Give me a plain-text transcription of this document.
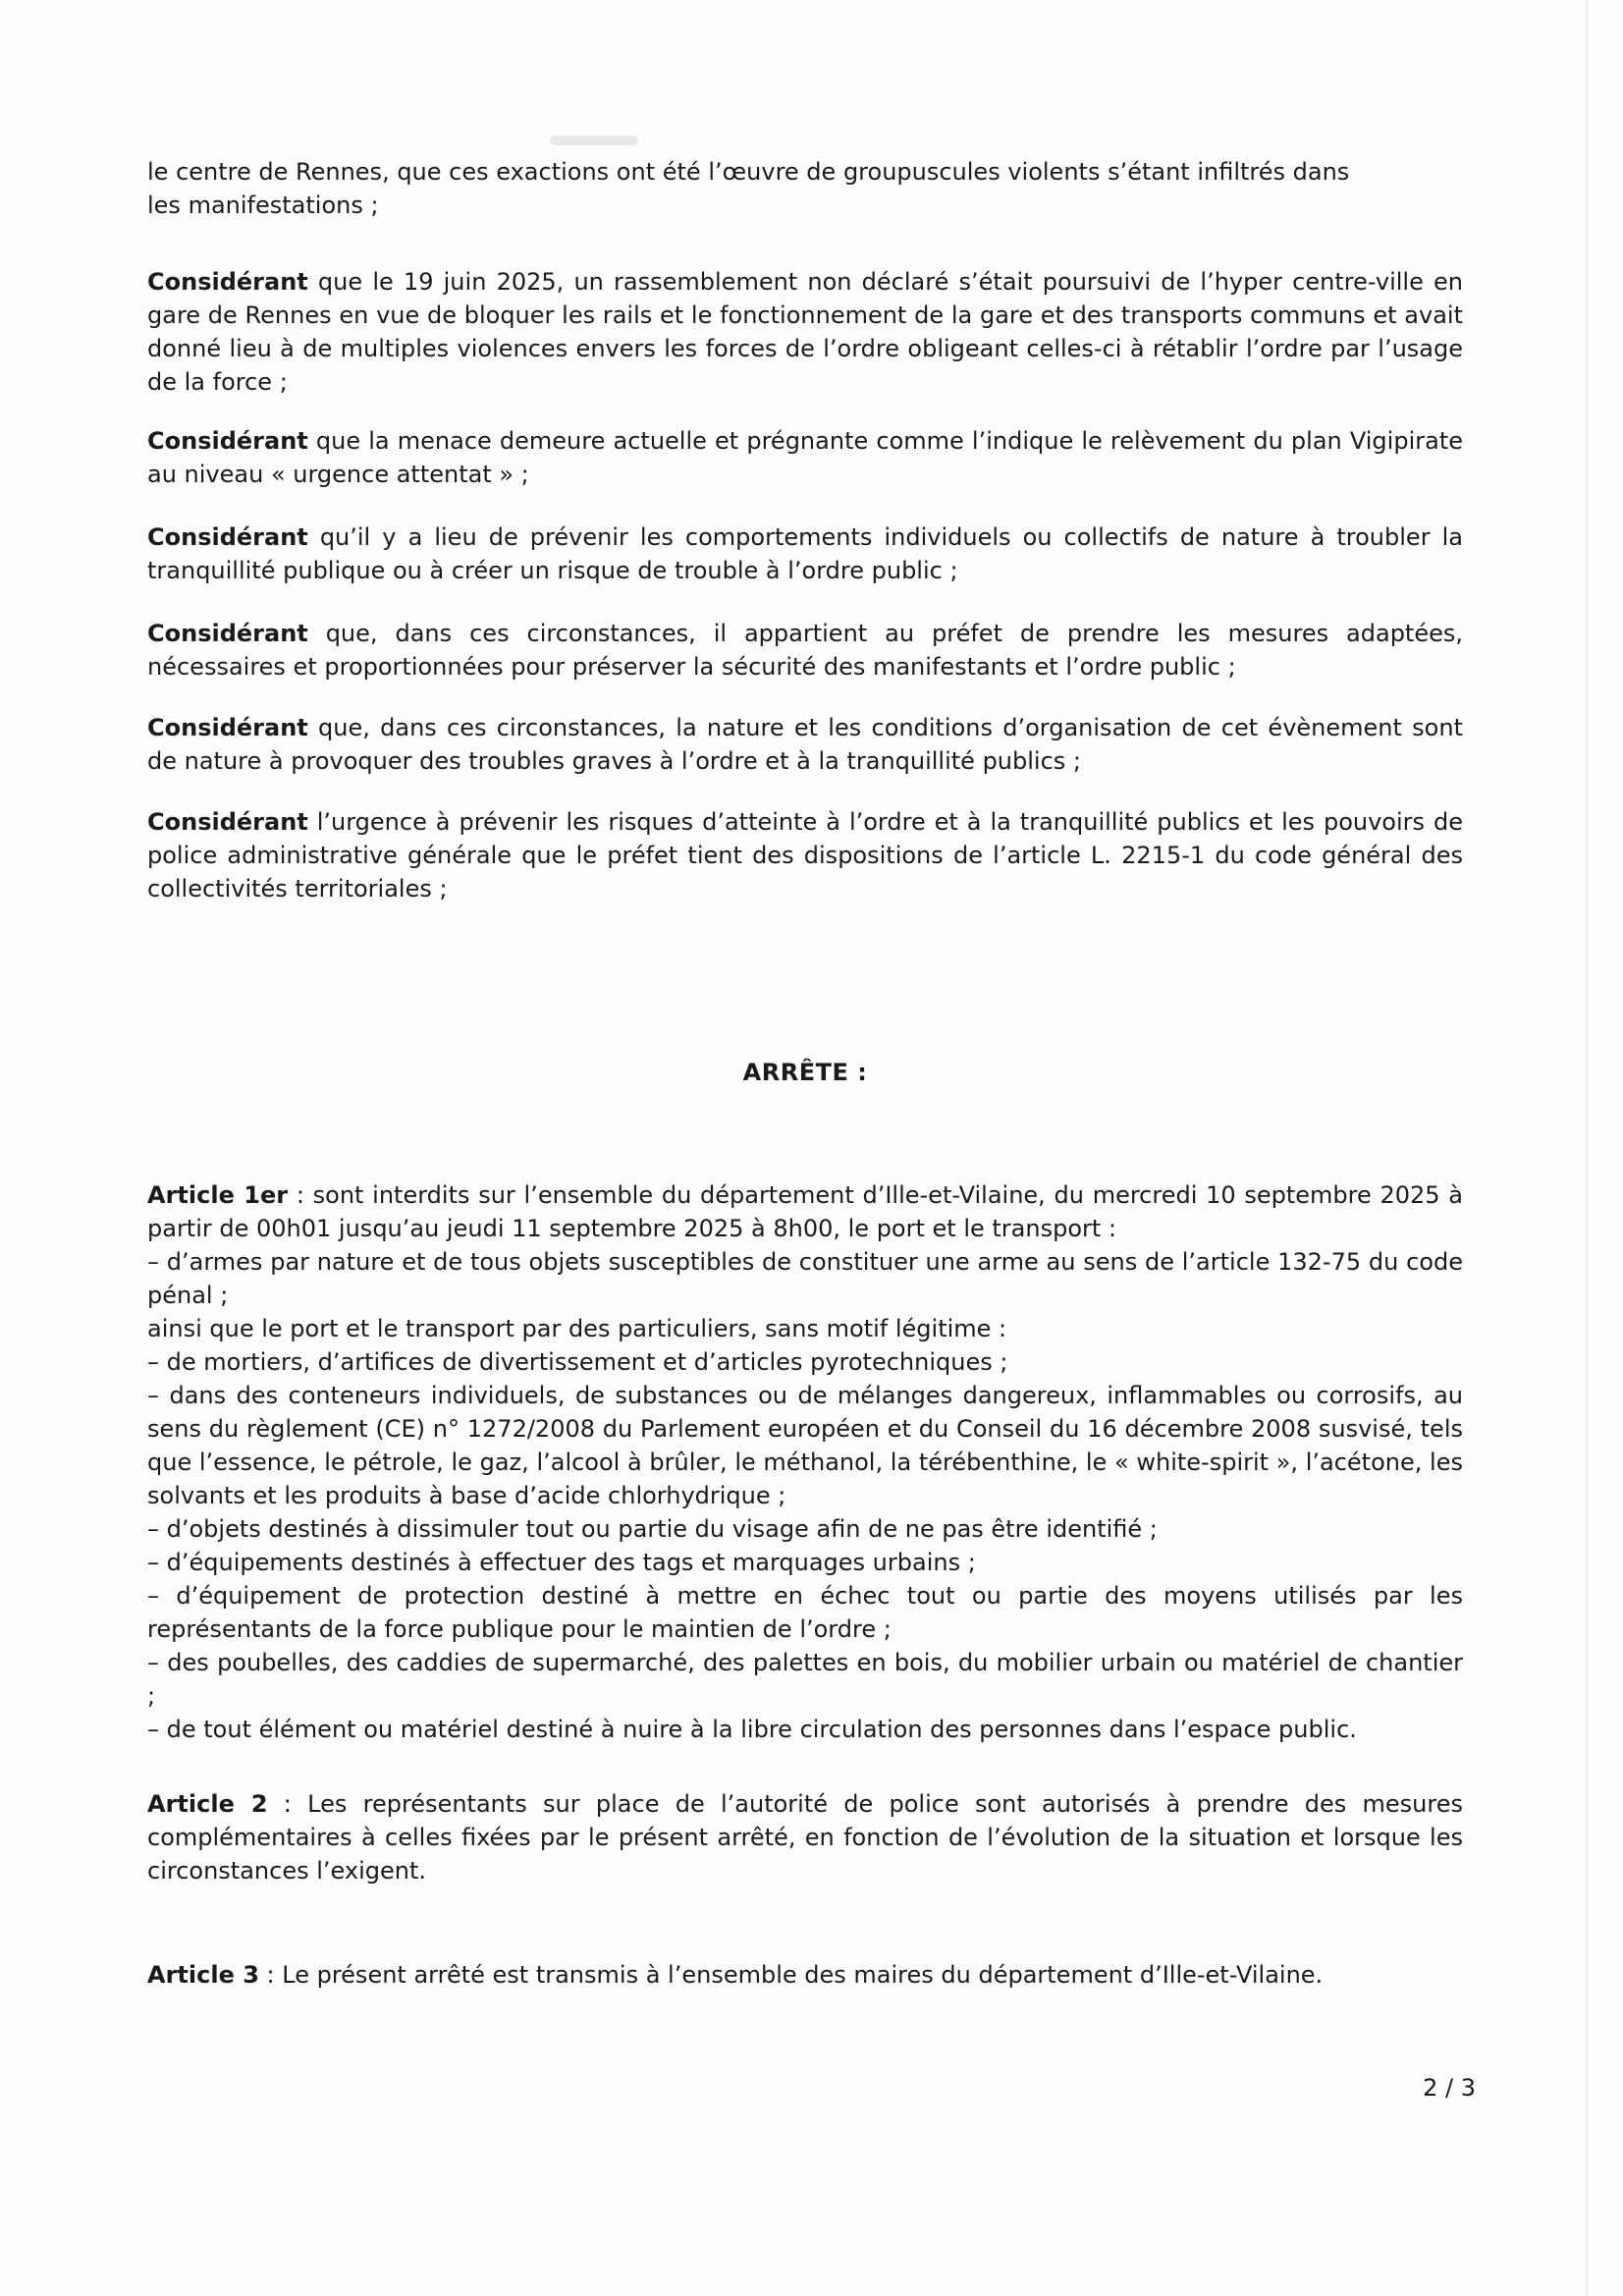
le centre de Rennes, que ces exactions ont été l’œuvre de groupuscules violents s’étant infiltrés dans
les manifestations ;

Considérant que le 19 juin 2025, un rassemblement non déclaré s’était poursuivi de l’hyper centre-ville en gare de Rennes en vue de bloquer les rails et le fonctionnement de la gare et des transports communs et avait donné lieu à de multiples violences envers les forces de l’ordre obligeant celles-ci à rétablir l’ordre par l’usage de la force ;

Considérant que la menace demeure actuelle et prégnante comme l’indique le relèvement du plan Vigipirate au niveau « urgence attentat » ;

Considérant qu’il y a lieu de prévenir les comportements individuels ou collectifs de nature à troubler la tranquillité publique ou à créer un risque de trouble à l’ordre public ;

Considérant que, dans ces circonstances, il appartient au préfet de prendre les mesures adaptées, nécessaires et proportionnées pour préserver la sécurité des manifestants et l’ordre public ;

Considérant que, dans ces circonstances, la nature et les conditions d’organisation de cet évènement sont de nature à provoquer des troubles graves à l’ordre et à la tranquillité publics ;

Considérant l’urgence à prévenir les risques d’atteinte à l’ordre et à la tranquillité publics et les pouvoirs de police administrative générale que le préfet tient des dispositions de l’article L. 2215-1 du code général des collectivités territoriales ;

ARRÊTE :
Article 1er : sont interdits sur l’ensemble du département d’Ille-et-Vilaine, du mercredi 10 septembre 2025 à partir de 00h01 jusqu’au jeudi 11 septembre 2025 à 8h00, le port et le transport :
– d’armes par nature et de tous objets susceptibles de constituer une arme au sens de l’article 132-75 du code pénal ;
ainsi que le port et le transport par des particuliers, sans motif légitime :
– de mortiers, d’artifices de divertissement et d’articles pyrotechniques ;
– dans des conteneurs individuels, de substances ou de mélanges dangereux, inflammables ou corrosifs, au sens du règlement (CE) n° 1272/2008 du Parlement européen et du Conseil du 16 décembre 2008 susvisé, tels que l’essence, le pétrole, le gaz, l’alcool à brûler, le méthanol, la térébenthine, le « white-spirit », l’acétone, les solvants et les produits à base d’acide chlorhydrique ;
– d’objets destinés à dissimuler tout ou partie du visage afin de ne pas être identifié ;
– d’équipements destinés à effectuer des tags et marquages urbains ;
– d’équipement de protection destiné à mettre en échec tout ou partie des moyens utilisés par les représentants de la force publique pour le maintien de l’ordre ;
– des poubelles, des caddies de supermarché, des palettes en bois, du mobilier urbain ou matériel de chantier ;
– de tout élément ou matériel destiné à nuire à la libre circulation des personnes dans l’espace public.
Article 2 : Les représentants sur place de l’autorité de police sont autorisés à prendre des mesures complémentaires à celles fixées par le présent arrêté, en fonction de l’évolution de la situation et lorsque les circonstances l’exigent.
Article 3 : Le présent arrêté est transmis à l’ensemble des maires du département d’Ille-et-Vilaine.
2 / 3
